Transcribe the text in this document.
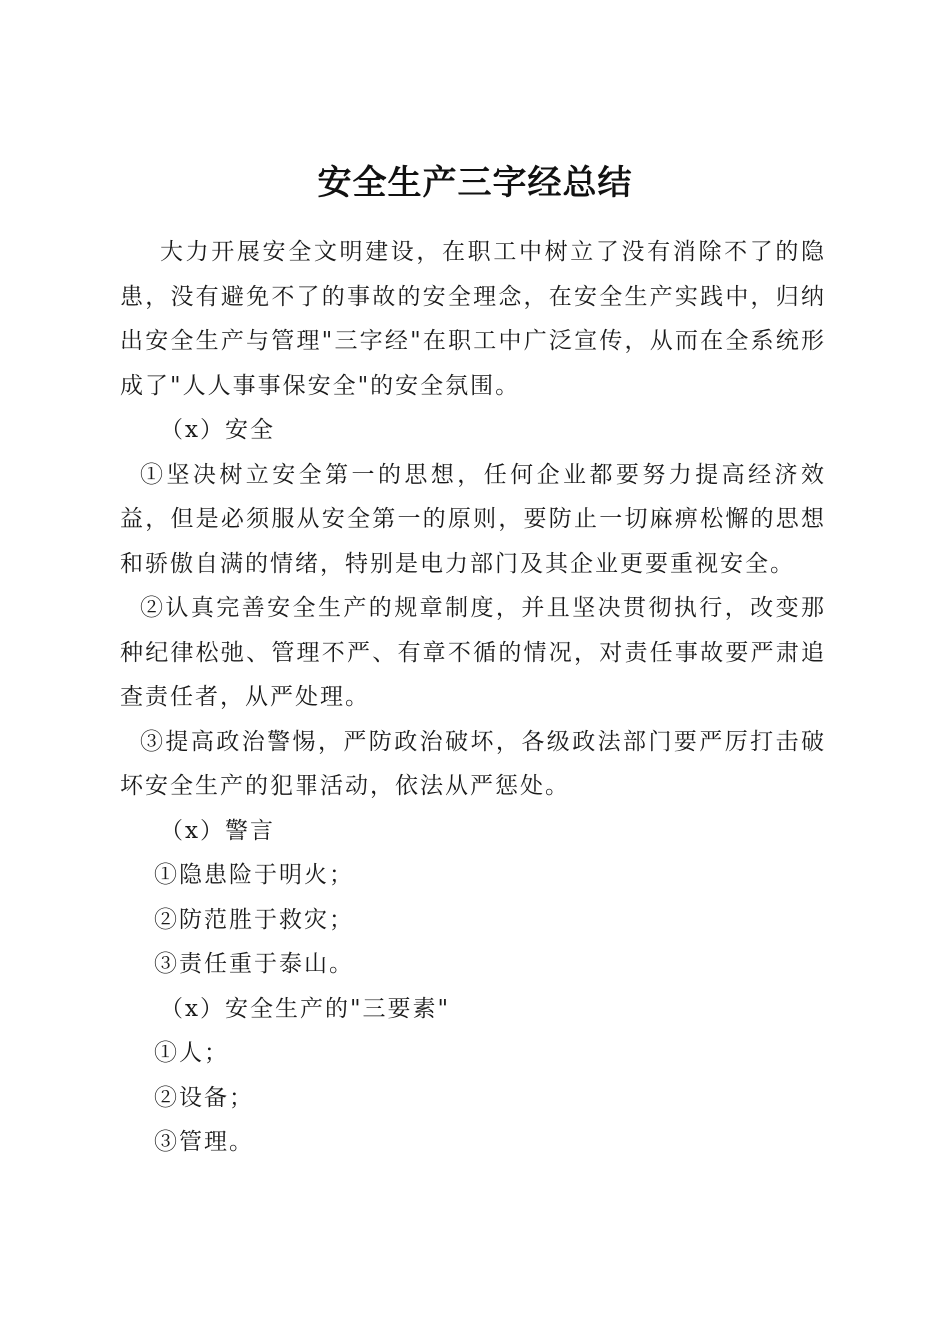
安全生产三字经总结

大力开展安全文明建设，在职工中树立了没有消除不了的隐患，没有避免不了的事故的安全理念，在安全生产实践中，归纳出安全生产与管理"三字经"在职工中广泛宣传，从而在全系统形成了"人人事事保安全"的安全氛围。

（x）安全

①坚决树立安全第一的思想，任何企业都要努力提高经济效益，但是必须服从安全第一的原则，要防止一切麻痹松懈的思想和骄傲自满的情绪，特别是电力部门及其企业更要重视安全。

②认真完善安全生产的规章制度，并且坚决贯彻执行，改变那种纪律松弛、管理不严、有章不循的情况，对责任事故要严肃追查责任者，从严处理。

③提高政治警惕，严防政治破坏，各级政法部门要严厉打击破坏安全生产的犯罪活动，依法从严惩处。

（x）警言

①隐患险于明火；

②防范胜于救灾；

③责任重于泰山。

（x）安全生产的"三要素"

①人；

②设备；

③管理。
